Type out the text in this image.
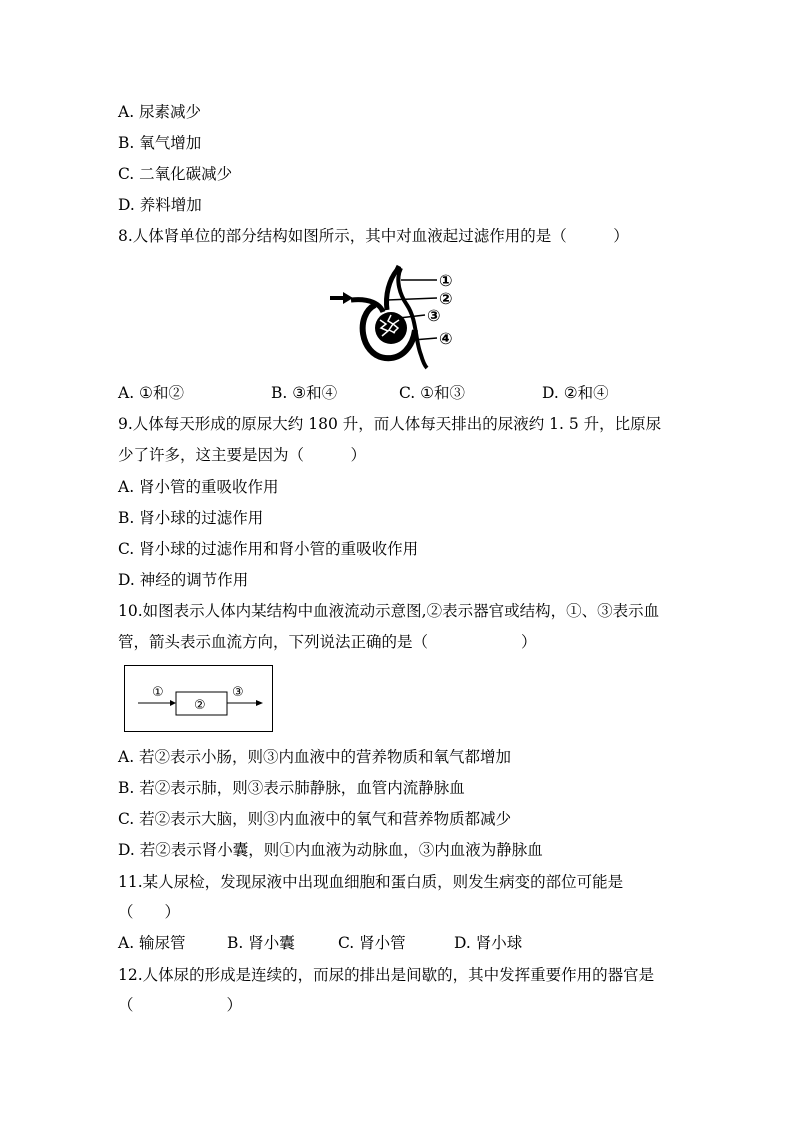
A. 尿素减少
B. 氧气增加
C. 二氧化碳减少
D. 养料增加
8.人体肾单位的部分结构如图所示，其中对血液起过滤作用的是（　　　）
①
②
③
④
A. ①和②	B. ③和④	C. ①和③	D. ②和④
9.人体每天形成的原尿大约 180 升，而人体每天排出的尿液约 1. 5 升，比原尿
少了许多，这主要是因为（　　　）
A. 肾小管的重吸收作用
B. 肾小球的过滤作用
C. 肾小球的过滤作用和肾小管的重吸收作用
D. 神经的调节作用
10.如图表示人体内某结构中血液流动示意图,②表示器官或结构，①、③表示血
管，箭头表示血流方向，下列说法正确的是（　　　　　　）
①
②
③
A. 若②表示小肠，则③内血液中的营养物质和氧气都增加
B. 若②表示肺，则③表示肺静脉，血管内流静脉血
C. 若②表示大脑，则③内血液中的氧气和营养物质都减少
D. 若②表示肾小囊，则①内血液为动脉血，③内血液为静脉血
11.某人尿检，发现尿液中出现血细胞和蛋白质，则发生病变的部位可能是
（　　）
A. 输尿管	B. 肾小囊	C. 肾小管	D. 肾小球
12.人体尿的形成是连续的，而尿的排出是间歇的，其中发挥重要作用的器官是
（　　　　　　）
